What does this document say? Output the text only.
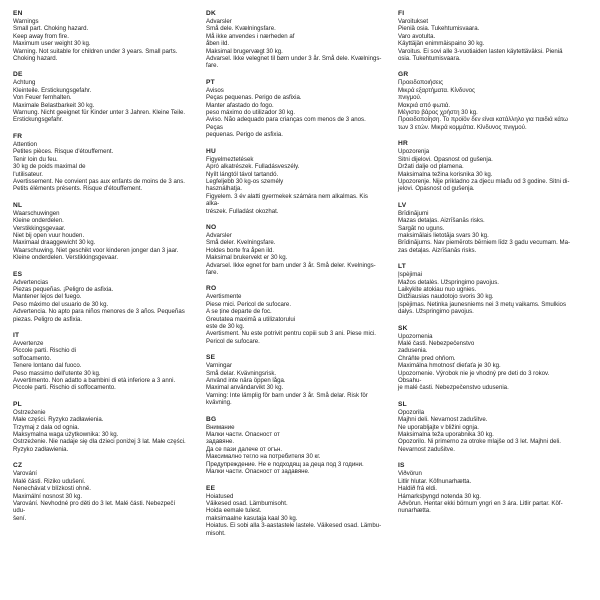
EN
Warnings
Small part. Choking hazard.
Keep away from fire.
Maximum user weight 30 kg.
Warning. Not suitable for children under 3 years. Small parts.
Choking hazard.
DE
Achtung
Kleinteile. Erstickungsgefahr.
Von Feuer fernhalten.
Maximale Belastbarkeit 30 kg.
Warnung. Nicht geeignet für Kinder unter 3 Jahren. Kleine Teile.
Erstickungsgefahr.
FR
Attention
Petites pièces. Risque d'étouffement.
Tenir loin du feu.
30 kg de poids maximal de
l'utilisateur.
Avertissement. Ne convient pas aux enfants de moins de 3 ans.
Petits éléments présents. Risque d'étouffement.
NL
Waarschuwingen
Kleine onderdelen.
Verstikkingsgevaar.
Niet bij open vuur houden.
Maximaal draaggewicht 30 kg.
Waarschuwing. Niet geschikt voor kinderen jonger dan 3 jaar.
Kleine onderdelen. Verstikkingsgevaar.
ES
Advertencias
Piezas pequeñas. ¡Peligro de asfixia.
Mantener lejos del fuego.
Peso máximo del usuario de 30 kg.
Advertencia. No apto para niños menores de 3 años. Pequeñas
piezas. Peligro de asfixia.
IT
Avvertenze
Piccole parti. Rischio di
soffocamento.
Tenere lontano dal fuoco.
Peso massimo dell'utente 30 kg.
Avvertimento. Non adatto a bambini di età inferiore a 3 anni.
Piccole parti. Rischio di soffocamento.
PL
Ostrzeżenie
Małe części. Ryzyko zadławienia.
Trzymaj z dala od ognia.
Maksymalna waga użytkownika: 30 kg.
Ostrzeżenie. Nie nadaje się dla dzieci poniżej 3 lat. Małe części.
Ryzyko zadławienia.
CZ
Varování
Malé části. Riziko udušení.
Nenechávat v blízkosti ohně.
Maximální nosnost 30 kg.
Varování. Nevhodné pro děti do 3 let. Malé části. Nebezpečí udu-
šení.
DK
Advarsler
Små dele. Kvælningsfare.
Må ikke anvendes i nærheden af
åben ild.
Maksimal brugervægt 30 kg.
Advarsel. Ikke velegnet til børn under 3 år. Små dele. Kvælnings-
fare.
PT
Avisos
Peças pequenas. Perigo de asfixia.
Manter afastado do fogo.
peso máximo do utilizador 30 kg.
Aviso. Não adequado para crianças com menos de 3 anos. Peças
pequenas. Perigo de asfixia.
HU
Figyelmeztetések
Apró alkatrészek. Fulladásveszély.
Nyílt lángtól távol tartandó.
Legfeljebb 30 kg-os személy
használhatja.
Figyelem. 3 év alatti gyermekek számára nem alkalmas. Kis alka-
trészek. Fulladást okozhat.
NO
Advarsler
Små deler. Kvelningsfare.
Holdes borte fra åpen ild.
Maksimal brukervekt er 30 kg.
Advarsel. Ikke egnet for barn under 3 år. Små deler. Kvelnings-
fare.
RO
Avertismente
Piese mici. Pericol de sufocare.
A se ține departe de foc.
Greutatea maximă a utilizatorului
este de 30 kg.
Avertisment. Nu este potrivit pentru copiii sub 3 ani. Piese mici.
Pericol de sufocare.
SE
Varningar
Små delar. Kvävningsrisk.
Använd inte nära öppen låga.
Maximal användarvikt 30 kg.
Varning: Inte lämplig för barn under 3 år. Små delar. Risk för
kvävning.
BG
Внимание
Малки части. Опасност от
задавяне.
Да се пази далече от огън.
Максимално тегло на потребителя 30 кг.
Предупреждение. Не е подходящ за деца под 3 години.
Малки части. Опасност от задавяне.
EE
Hoiatused
Väikesed osad. Lämbumisoht.
Hoida eemale tulest.
maksimaalne kasutaja kaal 30 kg.
Hoiatus. Ei sobi alla 3-aastastele lastele. Väikesed osad. Lämbu-
misoht.
FI
Varoitukset
Pieniä osia. Tukehtumisvaara.
Varo avotulta.
Käyttäjän enimmäispaino 30 kg.
Varoitus. Ei sovi alle 3-vuotiaiden lasten käytettäväksi. Pieniä
osia. Tukehtumisvaara.
GR
Προειδοποιήσεις
Μικρά εξαρτήματα. Κίνδυνος
πνιγμού.
Μακριά από φωτιά.
Μέγιστο βάρος χρήστη 30 kg.
Προειδοποίηση. Το προϊόν δεν είναι κατάλληλο για παιδιά κάτω
των 3 ετών. Μικρά κομμάτια. Κίνδυνος πνιγμού.
HR
Upozorenja
Sitni dijelovi. Opasnost od gušenja.
Držati dalje od plamena.
Maksimalna težina korisnika 30 kg.
Upozorenje. Nije prikladno za djecu mlađu od 3 godine. Sitni di-
jelovi. Opasnost od gušenja.
LV
Brīdinājumi
Mazas detaļas. Aizrīšanās risks.
Sargāt no uguns.
maksimālais lietotāja svars 30 kg.
Brīdinājums. Nav piemērots bērniem līdz 3 gadu vecumam. Ma-
zas detaļas. Aizrīšanās risks.
LT
Įspėjimai
Mažos detalės. Užspringimo pavojus.
Laikykite atokiau nuo ugnies.
Didžiausias naudotojo svoris 30 kg.
Įspėjimas. Netinka jaunesniems nei 3 metų vaikams. Smulkios
dalys. Užspringimo pavojus.
SK
Upozornenia
Malé časti. Nebezpečenstvo
zadusenia.
Chráňte pred ohňom.
Maximálna hmotnosť dieťaťa je 30 kg.
Upozornenie. Výrobok nie je vhodný pre deti do 3 rokov. Obsahu-
je malé časti. Nebezpečenstvo udusenia.
SL
Opozorila
Majhni deli. Nevarnost zadušitve.
Ne uporabljajte v bližini ognja.
Maksimalna teža uporabnika 30 kg.
Opozorilo. Ni primerno za otroke mlajše od 3 let. Majhni deli.
Nevarnost zadušitve.
IS
Viðvörun
Litlir hlutar. Köfnunarhætta.
Haldið frá eldi.
Hámarksþyngd notenda 30 kg.
Aðvörun. Hentar ekki börnum yngri en 3 ára. Litlir partar. Köf-
nunarhætta.
